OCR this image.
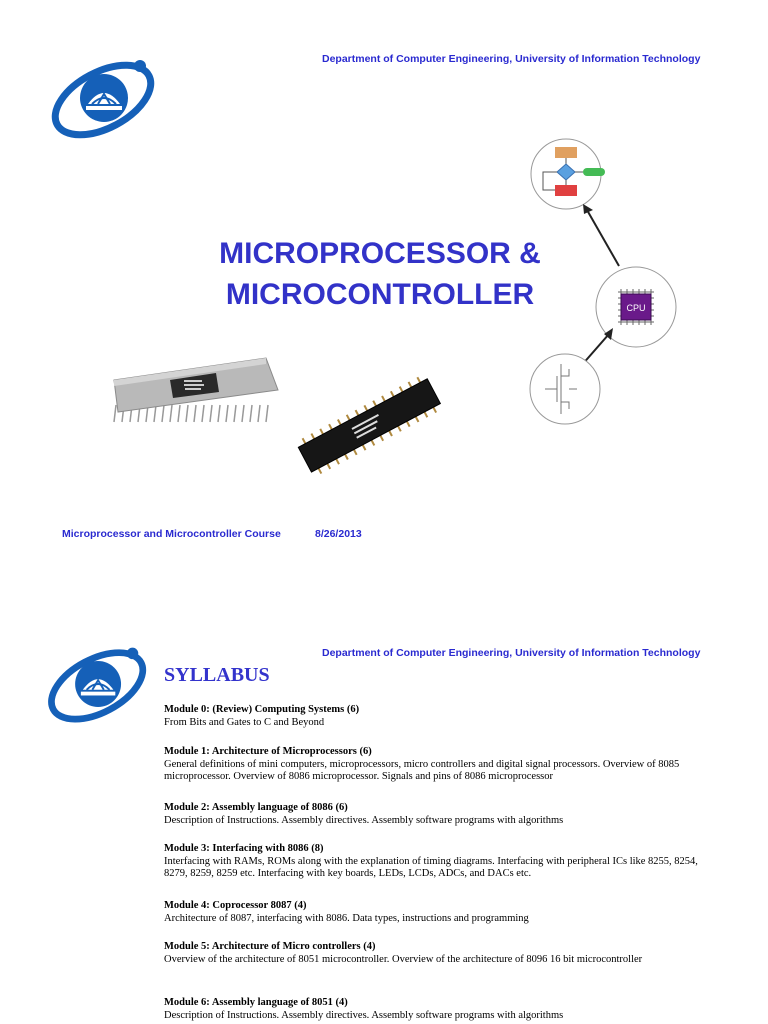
Department of Computer Engineering, University of Information Technology
MICROPROCESSOR &
MICROCONTROLLER	CPU
Microprocessor and Microcontroller Course	8/26/2013
Department of Computer Engineering, University of Information Technology
SYLLABUS
Module 0: (Review) Computing Systems (6)
From Bits and Gates to C and Beyond
Module 1: Architecture of Microprocessors (6)
General definitions of mini computers, microprocessors, micro controllers and digital signal processors. Overview of 8085 microprocessor. Overview of 8086 microprocessor. Signals and pins of 8086 microprocessor
Module 2: Assembly language of 8086 (6)
Description of Instructions. Assembly directives. Assembly software programs with algorithms
Module 3: Interfacing with 8086 (8)
Interfacing with RAMs, ROMs along with the explanation of timing diagrams. Interfacing with peripheral ICs like 8255, 8254, 8279, 8259, 8259 etc. Interfacing with key boards, LEDs, LCDs, ADCs, and DACs etc.
Module 4: Coprocessor 8087 (4)
Architecture of 8087, interfacing with 8086. Data types, instructions and programming
Module 5: Architecture of Micro controllers (4)
Overview of the architecture of 8051 microcontroller. Overview of the architecture of 8096 16 bit microcontroller
Module 6: Assembly language of 8051 (4)
Description of Instructions. Assembly directives. Assembly software programs with algorithms
